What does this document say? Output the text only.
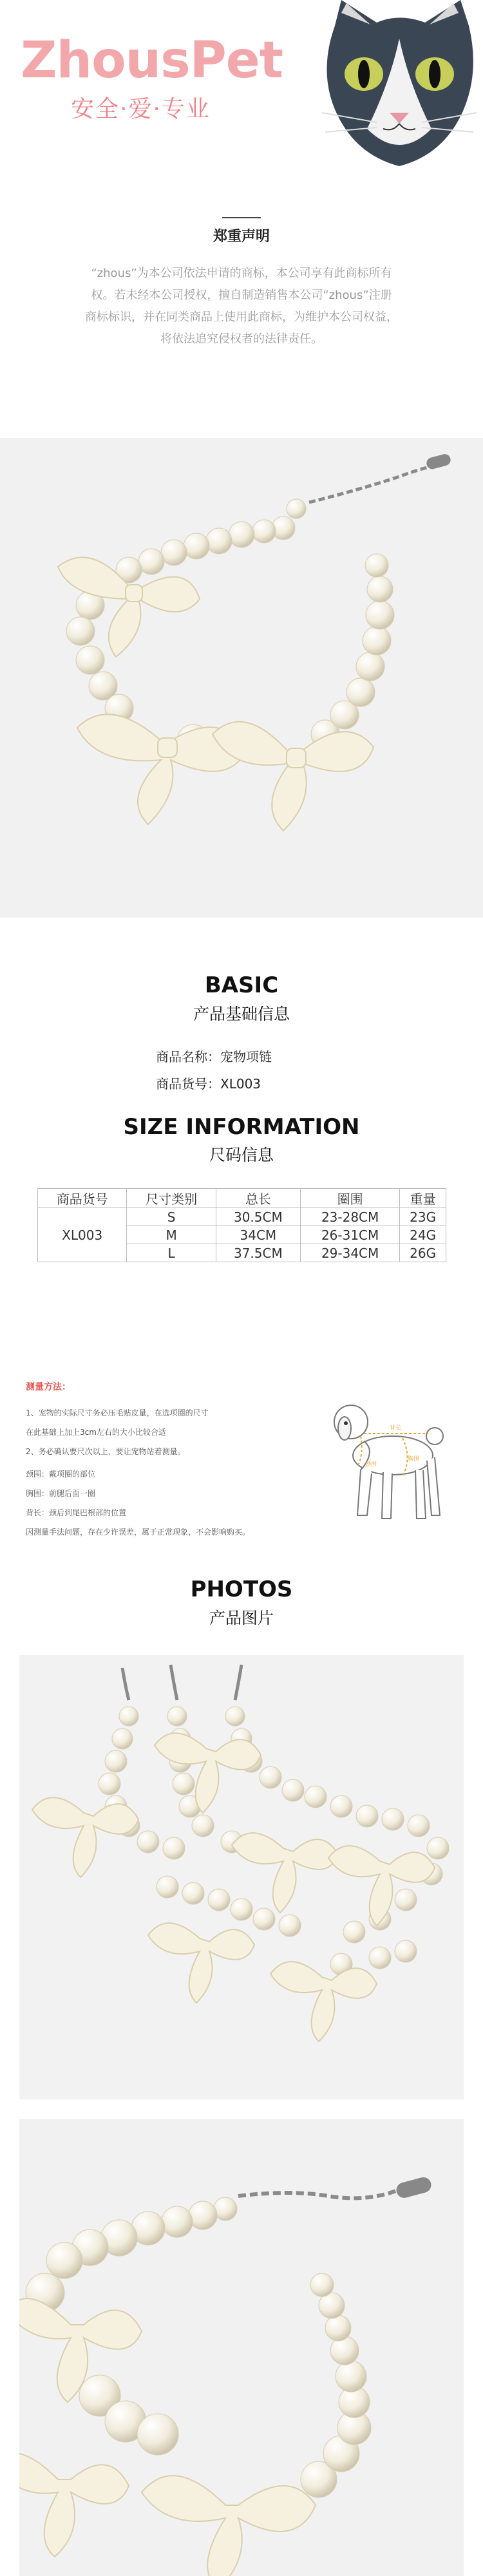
ZhousPet
安全·爱·专业
郑重声明
“zhous”为本公司依法申请的商标，本公司享有此商标所有
权。若未经本公司授权，擅自制造销售本公司“zhous”注册
商标标识，并在同类商品上使用此商标，为维护本公司权益，
将依法追究侵权者的法律责任。
BASIC
产品基础信息
商品名称：宠物项链
商品货号：XL003
SIZE INFORMATION
尺码信息
商品货号	尺寸类别	总长	圈围	重量
XL003	S	30.5CM	23-28CM	23G
	M	34CM	26-31CM	24G
	L	37.5CM	29-34CM	26G
测量方法：
1、宠物的实际尺寸务必压毛贴皮量，在选项圈的尺寸
在此基础上加上3cm左右的大小比较合适
2、务必确认要尺次以上，要让宠物站着测量。
颈围：戴项圈的部位
胸围：前腿后面一圈
背长：颈后到尾巴根部的位置
因测量手法问题，存在少许误差，属于正常现象，不会影响购买。
颈围
背长
胸围
PHOTOS
产品图片
